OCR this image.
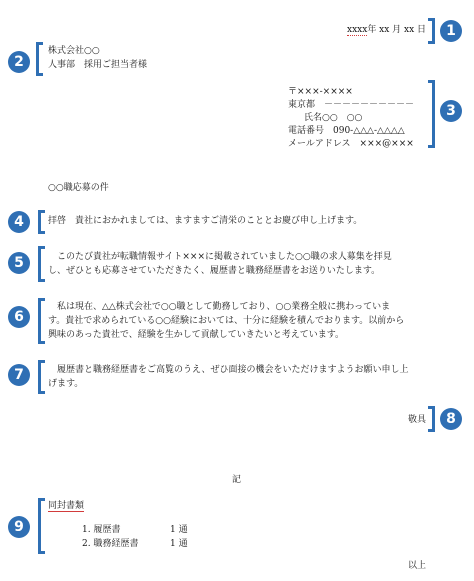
xxxx年 xx 月 xx 日	1
2
株式会社○○
人事部　採用ご担当者様
〒×××-××××
東京都　－－－－－－－－－－
氏名○○　○○
電話番号　090-△△△-△△△△
メールアドレス　×××@×××
3
○○職応募の件
4	拝啓　貴社におかれましては、ますますご清栄のこととお慶び申し上げます。
5	　このたび貴社が転職情報サイト×××に掲載されていました○○職の求人募集を拝見
し、ぜひとも応募させていただきたく、履歴書と職務経歴書をお送りいたします。
6
　私は現在、△△株式会社で○○職として勤務しており、○○業務全般に携わっていま
す。貴社で求められている○○経験においては、十分に経験を積んでおります。以前から
興味のあった貴社で、経験を生かして貢献していきたいと考えています。
7	　履歴書と職務経歴書をご高覧のうえ、ぜひ面接の機会をいただけますようお願い申し上
げます。
敬具	8
記
9
同封書類
1. 履歴書	1 通
2. 職務経歴書	1 通
以上
